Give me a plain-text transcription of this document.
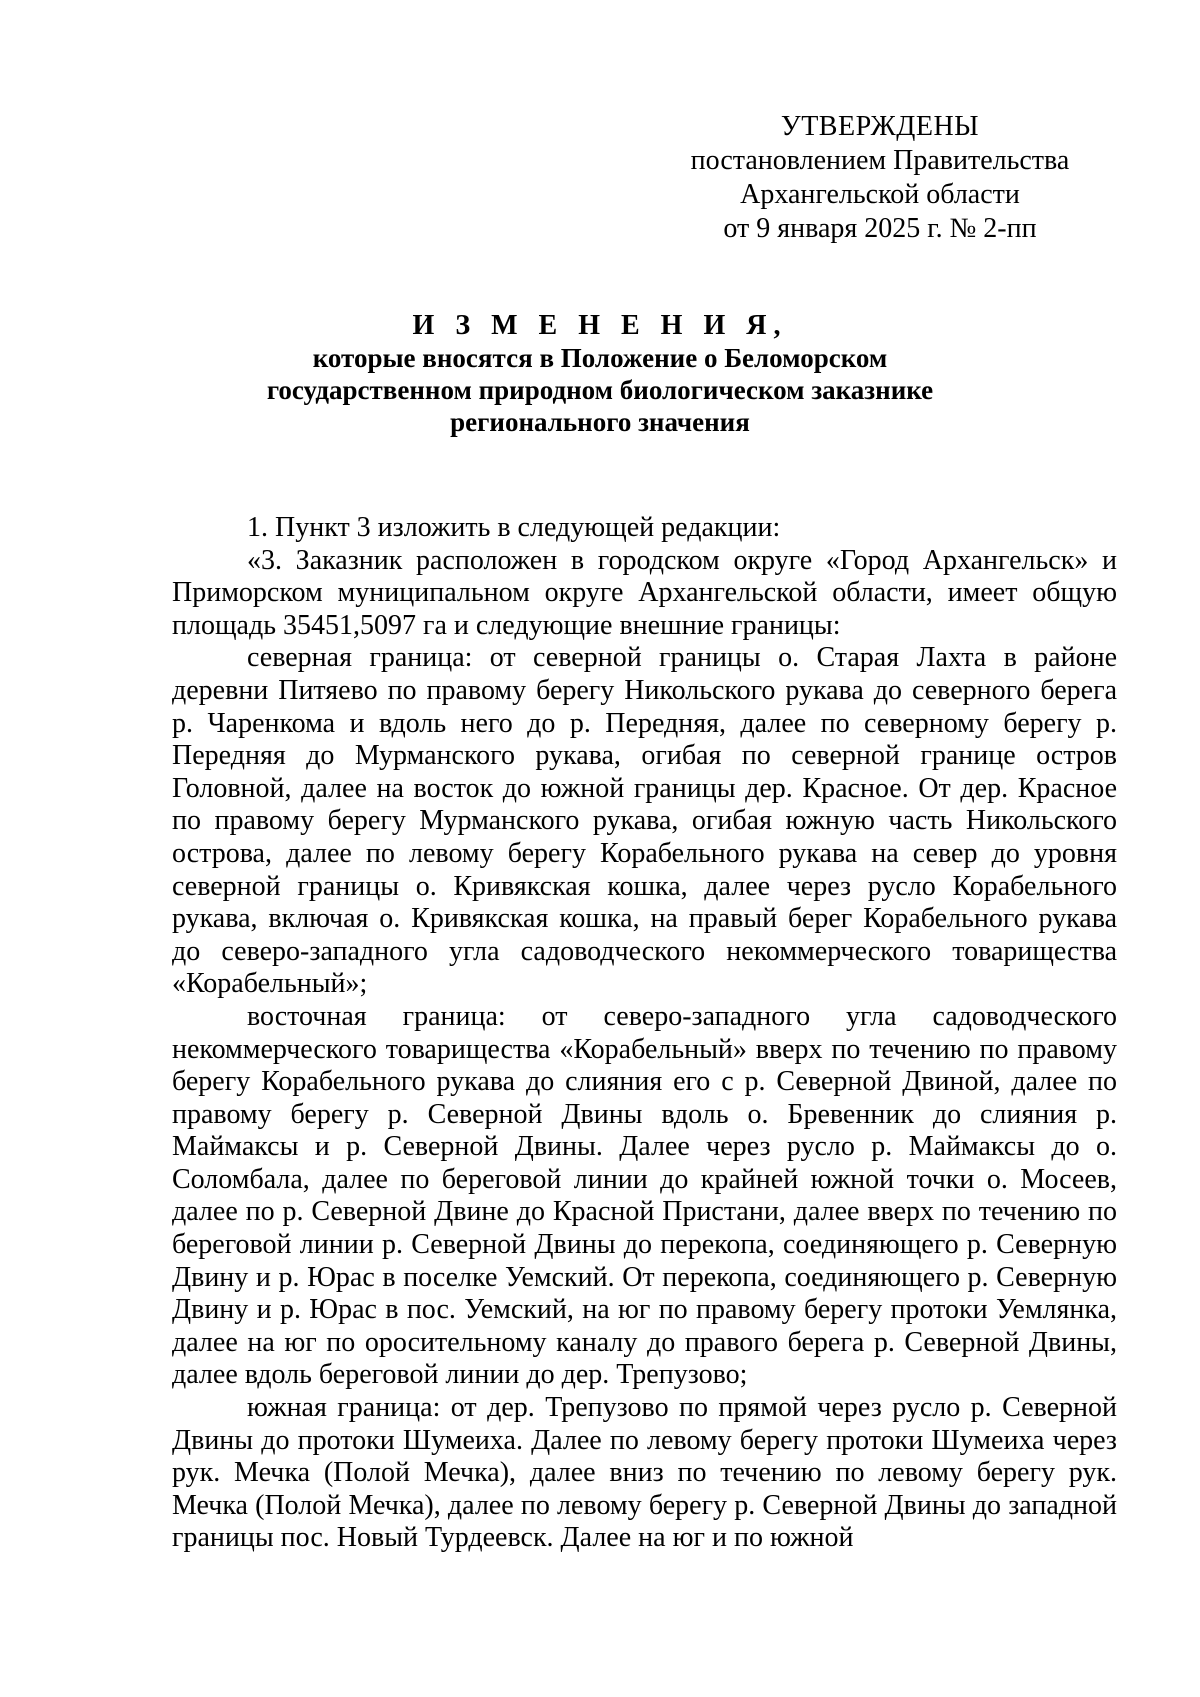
УТВЕРЖДЕНЫ
постановлением Правительства
Архангельской области
от 9 января 2025 г. № 2-пп
И З М Е Н Е Н И Я,
которые вносятся в Положение о Беломорском
государственном природном биологическом заказнике
регионального значения

1. Пункт 3 изложить в следующей редакции:

«3. Заказник расположен в городском округе «Город Архангельск» и Приморском муниципальном округе Архангельской области, имеет общую площадь 35451,5097 га и следующие внешние границы:

северная граница: от северной границы о. Старая Лахта в районе деревни Питяево по правому берегу Никольского рукава до северного берега р. Чаренкома и вдоль него до р. Передняя, далее по северному берегу р. Передняя до Мурманского рукава, огибая по северной границе остров Головной, далее на восток до южной границы дер. Красное. От дер. Красное по правому берегу Мурманского рукава, огибая южную часть Никольского острова, далее по левому берегу Корабельного рукава на север до уровня северной границы о. Кривякская кошка, далее через русло Корабельного рукава, включая о. Кривякская кошка, на правый берег Корабельного рукава до северо-западного угла садоводческого некоммерческого товарищества «Корабельный»;

восточная граница: от северо-западного угла садоводческого некоммерческого товарищества «Корабельный» вверх по течению по правому берегу Корабельного рукава до слияния его с р. Северной Двиной, далее по правому берегу р. Северной Двины вдоль о. Бревенник до слияния р. Маймаксы и р. Северной Двины. Далее через русло р. Маймаксы до о. Соломбала, далее по береговой линии до крайней южной точки о. Мосеев, далее по р. Северной Двине до Красной Пристани, далее вверх по течению по береговой линии р. Северной Двины до перекопа, соединяющего р. Северную Двину и р. Юрас в поселке Уемский. От перекопа, соединяющего р. Северную Двину и р. Юрас в пос. Уемский, на юг по правому берегу протоки Уемлянка, далее на юг по оросительному каналу до правого берега р. Северной Двины, далее вдоль береговой линии до дер. Трепузово;

южная граница: от дер. Трепузово по прямой через русло р. Северной Двины до протоки Шумеиха. Далее по левому берегу протоки Шумеиха через рук. Мечка (Полой Мечка), далее вниз по течению по левому берегу рук. Мечка (Полой Мечка), далее по левому берегу р. Северной Двины до западной границы пос. Новый Турдеевск. Далее на юг и по южной
